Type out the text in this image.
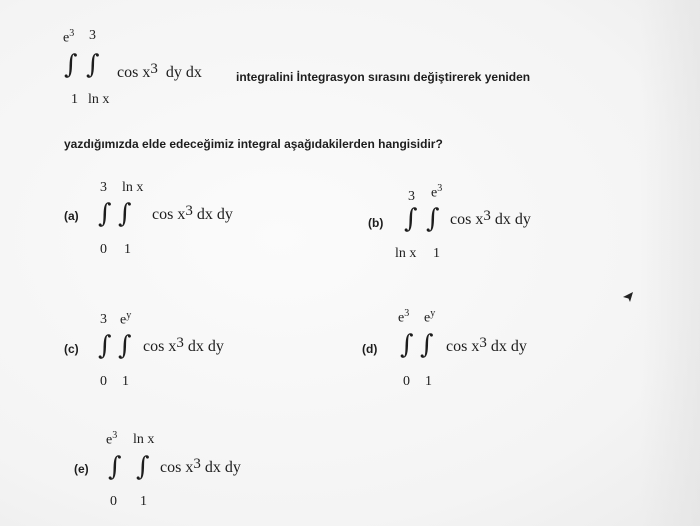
$e^3$ 3
∫ ∫
1 ln x
$\cos x^3$ dy dx	integralini İntegrasyon sırasını değiştirerek yeniden
yazdığımızda elde edeceğimiz integral aşağıdakilerden hangisidir?
(a)
3 ln x
∫ ∫
0 1
$\cos x^3$ dx dy	(b)
3 $e^3$
∫ ∫
ln x 1
$\cos x^3$ dx dy
(c)
3 $e^y$
∫ ∫
0 1
$\cos x^3$ dx dy	(d)
$e^3$ $e^y$
∫ ∫
0 1
$\cos x^3$ dx dy
(e)
$e^3$ ln x
∫ ∫
0 1
$\cos x^3$ dx dy
